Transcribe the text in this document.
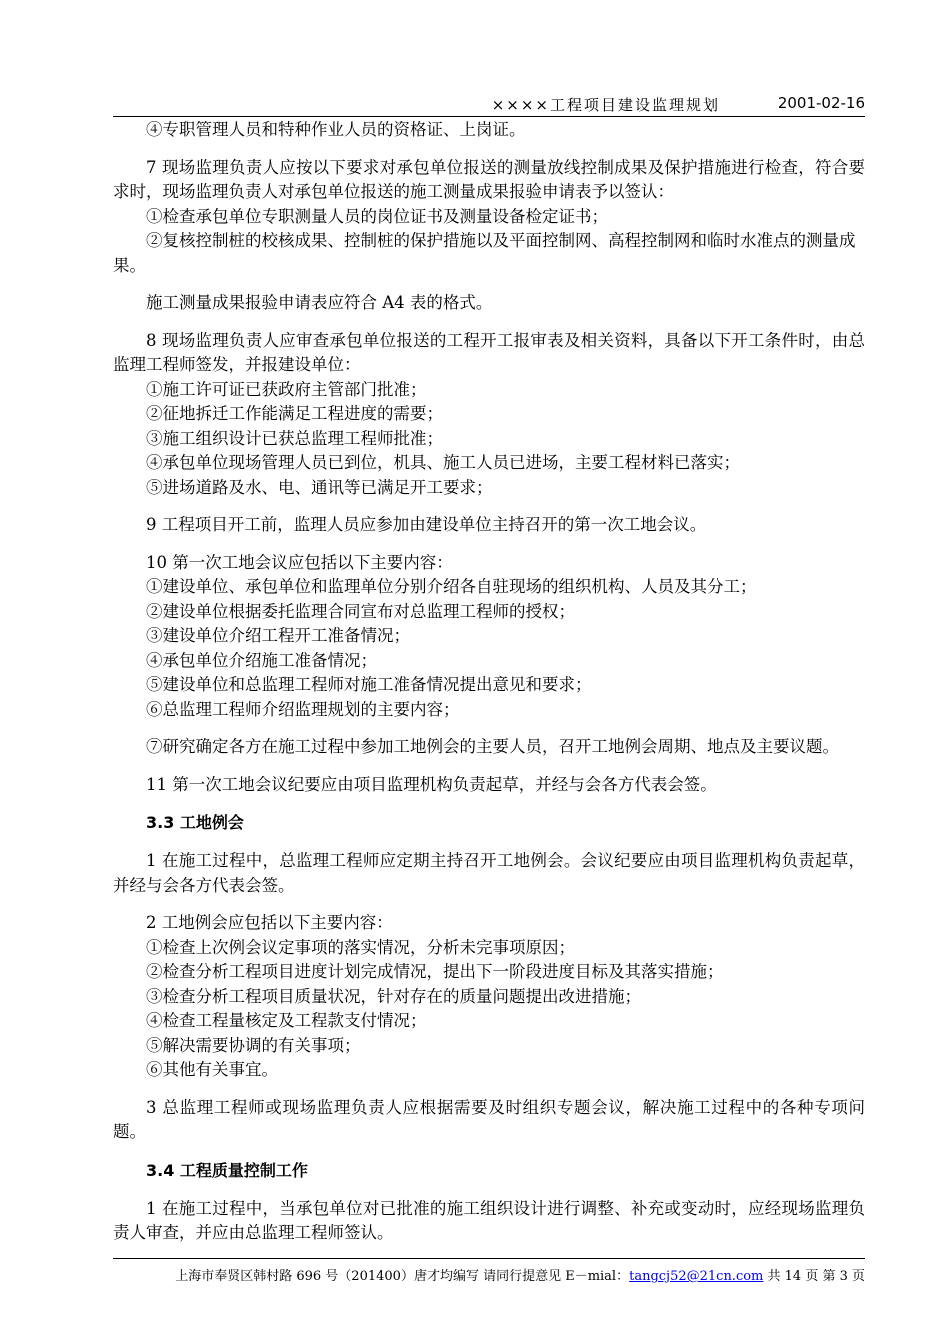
××××工程项目建设监理规划	2001-02-16

④专职管理人员和特种作业人员的资格证、上岗证。

7 现场监理负责人应按以下要求对承包单位报送的测量放线控制成果及保护措施进行检查，符合要求时，现场监理负责人对承包单位报送的施工测量成果报验申请表予以签认：

①检查承包单位专职测量人员的岗位证书及测量设备检定证书；

②复核控制桩的校核成果、控制桩的保护措施以及平面控制网、高程控制网和临时水准点的测量成果。

施工测量成果报验申请表应符合 A4 表的格式。

8 现场监理负责人应审查承包单位报送的工程开工报审表及相关资料，具备以下开工条件时，由总监理工程师签发，并报建设单位：

①施工许可证已获政府主管部门批准；

②征地拆迁工作能满足工程进度的需要；

③施工组织设计已获总监理工程师批准；

④承包单位现场管理人员已到位，机具、施工人员已进场，主要工程材料已落实；

⑤进场道路及水、电、通讯等已满足开工要求；

9 工程项目开工前，监理人员应参加由建设单位主持召开的第一次工地会议。

10 第一次工地会议应包括以下主要内容：

①建设单位、承包单位和监理单位分别介绍各自驻现场的组织机构、人员及其分工；

②建设单位根据委托监理合同宣布对总监理工程师的授权；

③建设单位介绍工程开工准备情况；

④承包单位介绍施工准备情况；

⑤建设单位和总监理工程师对施工准备情况提出意见和要求；

⑥总监理工程师介绍监理规划的主要内容；

⑦研究确定各方在施工过程中参加工地例会的主要人员，召开工地例会周期、地点及主要议题。

11 第一次工地会议纪要应由项目监理机构负责起草，并经与会各方代表会签。

3.3 工地例会

1 在施工过程中，总监理工程师应定期主持召开工地例会。会议纪要应由项目监理机构负责起草，并经与会各方代表会签。

2 工地例会应包括以下主要内容：

①检查上次例会议定事项的落实情况，分析未完事项原因；

②检查分析工程项目进度计划完成情况，提出下一阶段进度目标及其落实措施；

③检查分析工程项目质量状况，针对存在的质量问题提出改进措施；

④检查工程量核定及工程款支付情况；

⑤解决需要协调的有关事项；

⑥其他有关事宜。

3 总监理工程师或现场监理负责人应根据需要及时组织专题会议，解决施工过程中的各种专项问题。

3.4 工程质量控制工作

1 在施工过程中，当承包单位对已批准的施工组织设计进行调整、补充或变动时，应经现场监理负责人审查，并应由总监理工程师签认。

上海市奉贤区韩村路 696 号（201400）唐才均编写 请同行提意见 E－mial：tangcj52@21cn.com 共 14 页 第 3 页
